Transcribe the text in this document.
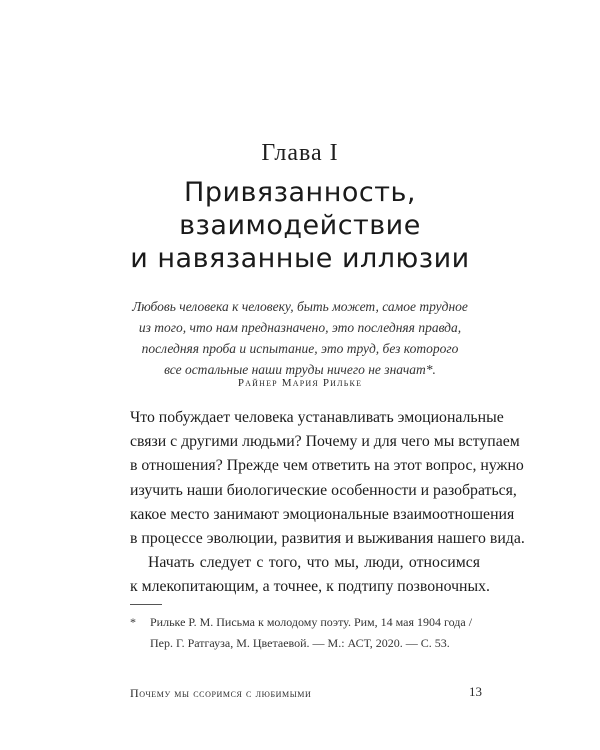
Глава I
Привязанность,
взаимодействие
и навязанные иллюзии
Любовь человека к человеку, быть может, самое трудное
из того, что нам предназначено, это последняя правда,
последняя проба и испытание, это труд, без которого
все остальные наши труды ничего не значат*.
Райнер Мария Рильке
Что побуждает человека устанавливать эмоциональные
связи с другими людьми? Почему и для чего мы вступаем
в отношения? Прежде чем ответить на этот вопрос, нужно
изучить наши биологические особенности и разобраться,
какое место занимают эмоциональные взаимоотношения
в процессе эволюции, развития и выживания нашего вида.
Начать следует с того, что мы, люди, относимся
к млекопитающим, а точнее, к подтипу позвоночных.
*	Рильке Р. М. Письма к молодому поэту. Рим, 14 мая 1904 года /
Пер. Г. Ратгауза, М. Цветаевой. — М.: АСТ, 2020. — С. 53.
Почему мы ссоримся с любимыми	13
